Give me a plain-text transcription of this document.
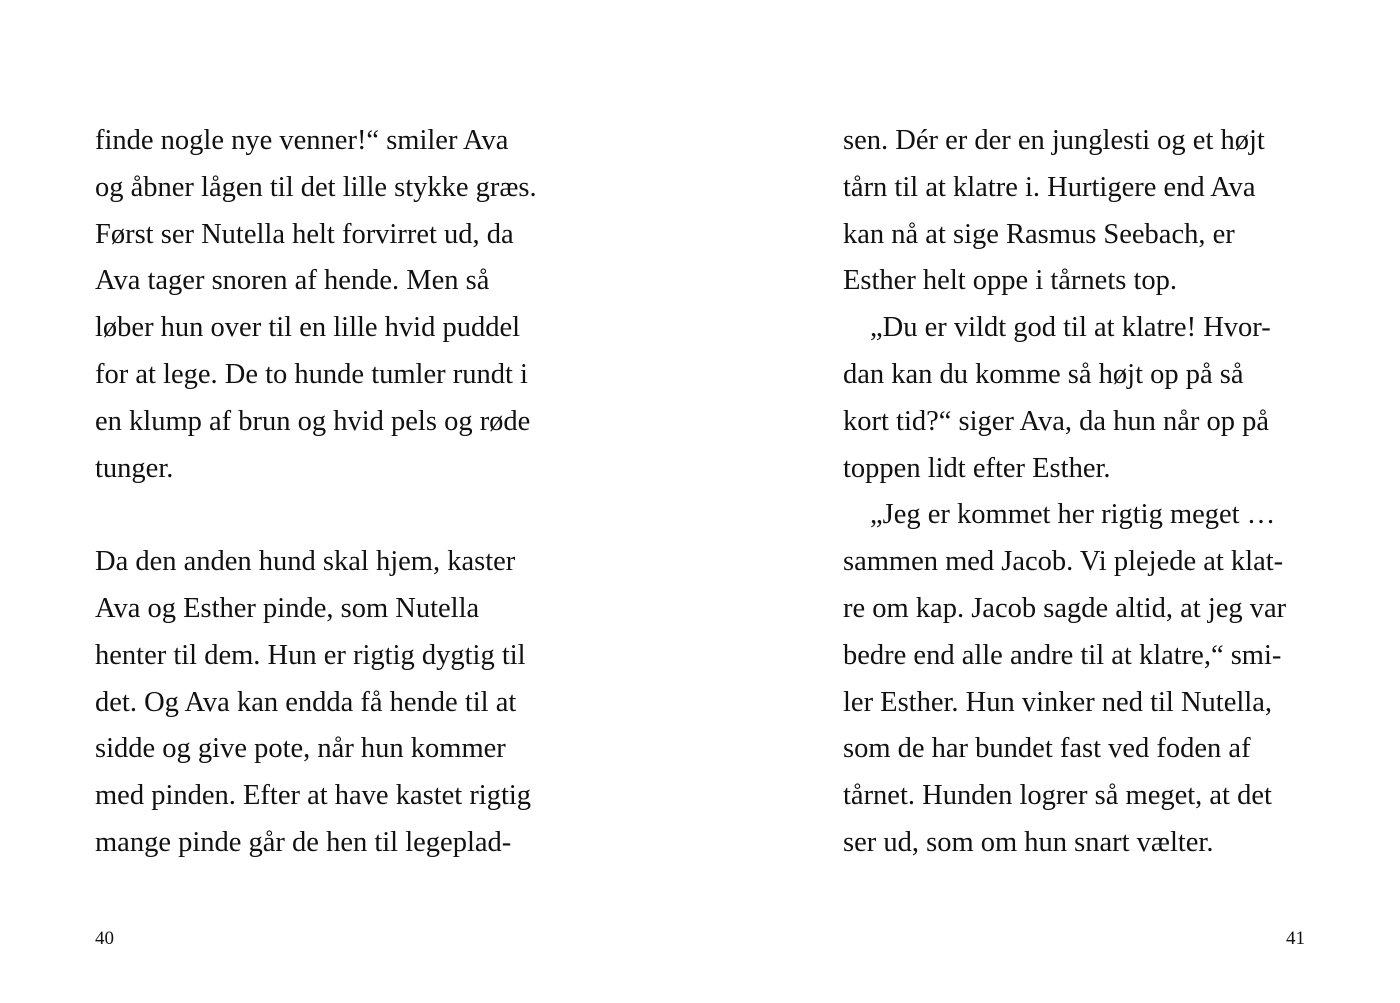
finde nogle nye venner!“ smiler Ava
og åbner lågen til det lille stykke græs.
Først ser Nutella helt forvirret ud, da
Ava tager snoren af hende. Men så
løber hun over til en lille hvid puddel
for at lege. De to hunde tumler rundt i
en klump af brun og hvid pels og røde
tunger.
Da den anden hund skal hjem, kaster
Ava og Esther pinde, som Nutella
henter til dem. Hun er rigtig dygtig til
det. Og Ava kan endda få hende til at
sidde og give pote, når hun kommer
med pinden. Efter at have kastet rigtig
mange pinde går de hen til legeplad-
40
sen. Dér er der en junglesti og et højt
tårn til at klatre i. Hurtigere end Ava
kan nå at sige Rasmus Seebach, er
Esther helt oppe i tårnets top.
„Du er vildt god til at klatre! Hvor-
dan kan du komme så højt op på så
kort tid?“ siger Ava, da hun når op på
toppen lidt efter Esther.
„Jeg er kommet her rigtig meget …
sammen med Jacob. Vi plejede at klat-
re om kap. Jacob sagde altid, at jeg var
bedre end alle andre til at klatre,“ smi-
ler Esther. Hun vinker ned til Nutella,
som de har bundet fast ved foden af
tårnet. Hunden logrer så meget, at det
ser ud, som om hun snart vælter.
41
